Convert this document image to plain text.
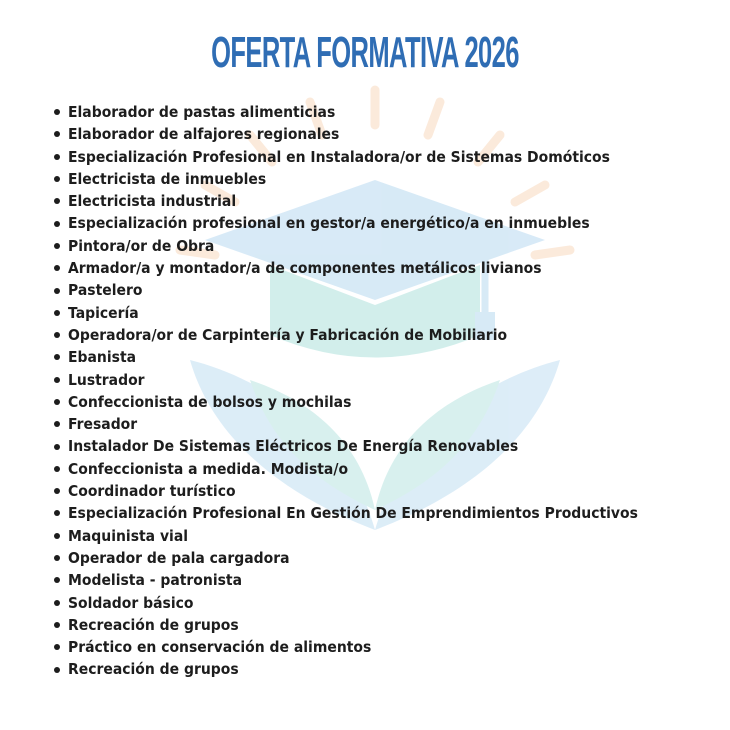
OFERTA FORMATIVA 2026
Elaborador de pastas alimenticias
Elaborador de alfajores regionales
Especialización Profesional en Instaladora/or de Sistemas Domóticos
Electricista de inmuebles
Electricista industrial
Especialización profesional en gestor/a energético/a en inmuebles
Pintora/or de Obra
Armador/a y montador/a de componentes metálicos livianos
Pastelero
Tapicería
Operadora/or de Carpintería y Fabricación de Mobiliario
Ebanista
Lustrador
Confeccionista de bolsos y mochilas
Fresador
Instalador De Sistemas Eléctricos De Energía Renovables
Confeccionista a medida. Modista/o
Coordinador turístico
Especialización Profesional En Gestión De Emprendimientos Productivos
Maquinista vial
Operador de pala cargadora
Modelista - patronista
Soldador básico
Recreación de grupos
Práctico en conservación de alimentos
Recreación de grupos
